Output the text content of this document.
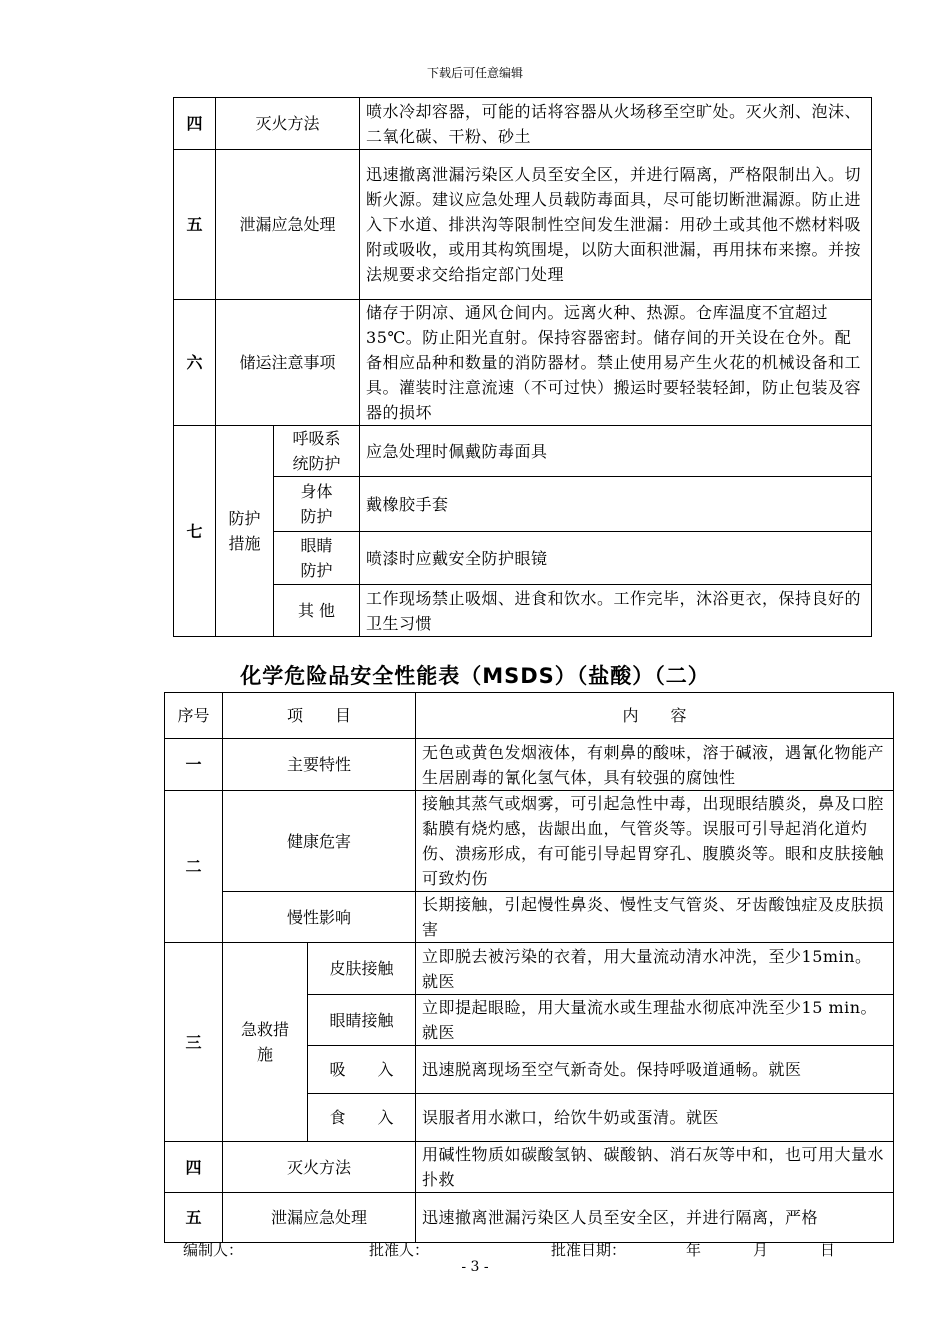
下载后可任意编辑
四	灭火方法		喷水冷却容器，可能的话将容器从火场移至空旷处。灭火剂、泡沫、二氧化碳、干粉、砂土
五	泄漏应急处理		迅速撤离泄漏污染区人员至安全区，并进行隔离，严格限制出入。切断火源。建议应急处理人员载防毒面具，尽可能切断泄漏源。防止进入下水道、排洪沟等限制性空间发生泄漏：用砂土或其他不燃材料吸附或吸收，或用其构筑围堤，以防大面积泄漏，再用抹布来擦。并按法规要求交给指定部门处理
六	储运注意事项		储存于阴凉、通风仓间内。远离火种、热源。仓库温度不宜超过35℃。防止阳光直射。保持容器密封。储存间的开关设在仓外。配备相应品种和数量的消防器材。禁止使用易产生火花的机械设备和工具。灌装时注意流速（不可过快）搬运时要轻装轻卸，防止包装及容器的损坏
七	防护措施	呼吸系统防护	应急处理时佩戴防毒面具
		身体防护	戴橡胶手套
		眼睛防护	喷漆时应戴安全防护眼镜
		其 他	工作现场禁止吸烟、进食和饮水。工作完毕，沐浴更衣，保持良好的卫生习惯
化学危险品安全性能表（MSDS）（盐酸）（二）
序号	项　　目		内　　容
一	主要特性		无色或黄色发烟液体，有刺鼻的酸味，溶于碱液，遇氰化物能产生居剧毒的氰化氢气体，具有较强的腐蚀性
二	健康危害		接触其蒸气或烟雾，可引起急性中毒，出现眼结膜炎，鼻及口腔黏膜有烧灼感，齿龈出血，气管炎等。误服可引导起消化道灼伤、溃疡形成，有可能引导起胃穿孔、腹膜炎等。眼和皮肤接触可致灼伤
	慢性影响		长期接触，引起慢性鼻炎、慢性支气管炎、牙齿酸蚀症及皮肤损害
三	急救措施	皮肤接触	立即脱去被污染的衣着，用大量流动清水冲洗，至少15min。就医
		眼睛接触	立即提起眼睑，用大量流水或生理盐水彻底冲洗至少15 min。就医
		吸　　入	迅速脱离现场至空气新奇处。保持呼吸道通畅。就医
		食　　入	误服者用水漱口，给饮牛奶或蛋清。就医
四	灭火方法		用碱性物质如碳酸氢钠、碳酸钠、消石灰等中和，也可用大量水扑救
五	泄漏应急处理		迅速撤离泄漏污染区人员至安全区，并进行隔离，严格
编制人：	批准人：	批准日期：	年	月	日
- 3 -
